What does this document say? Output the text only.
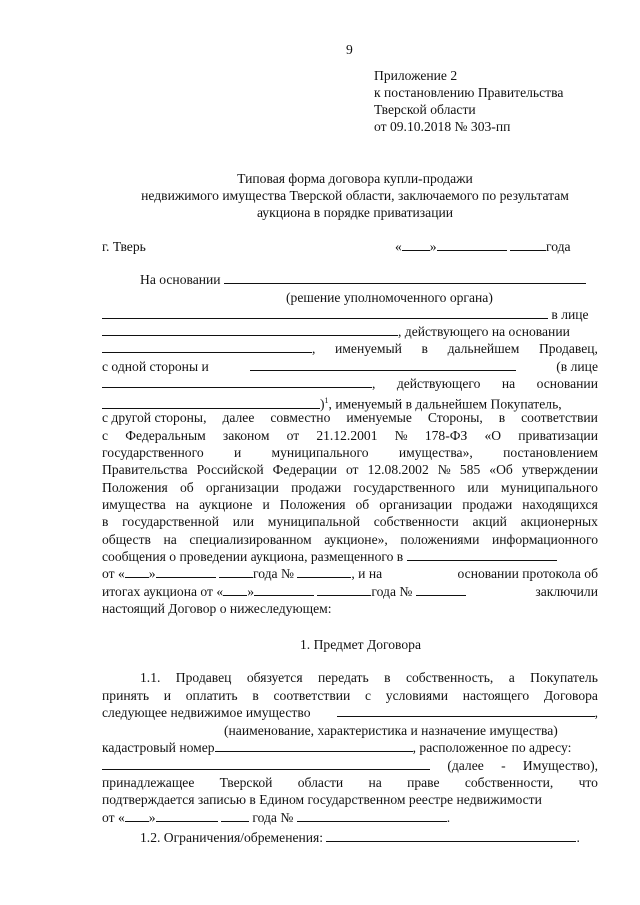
9
Приложение 2
к постановлению Правительства
Тверской области
от 09.10.2018 № 303-пп
Типовая форма договора купли-продажи
недвижимого имущества Тверской области, заключаемого по результатам
аукциона в порядке приватизации
г. Тверь	« »	года
На основании
(решение уполномоченного органа)
в лице
, действующего на основании
, именуемый в дальнейшем Продавец,
с одной стороны и	(в лице
, действующего на основании
)$^1$, именуемый в дальнейшем Покупатель,
с другой стороны, далее совместно именуемые Стороны, в соответствии
с Федеральным законом от 21.12.2001 № 178-ФЗ «О приватизации
государственного и муниципального имущества», постановлением
Правительства Российской Федерации от 12.08.2002 № 585 «Об утверждении
Положения об организации продажи государственного или муниципального
имущества на аукционе и Положения об организации продажи находящихся
в государственной или муниципальной собственности акций акционерных
обществ на специализированном аукционе», положениями информационного
сообщения о проведении аукциона, размещенного в
от « »	года №	, и на	основании протокола об
итогах аукциона от « »	года №	заключили
настоящий Договор о нижеследующем:
1. Предмет Договора
1.1. Продавец обязуется передать в собственность, а Покупатель
принять и оплатить в соответствии с условиями настоящего Договора
следующее недвижимое имущество	,
(наименование, характеристика и назначение имущества)
кадастровый номер	, расположенное по адресу:
(далее - Имущество),
принадлежащее Тверской области на праве собственности, что
подтверждается записью в Едином государственном реестре недвижимости
от « »	года №	.
1.2. Ограничения/обременения:	.
